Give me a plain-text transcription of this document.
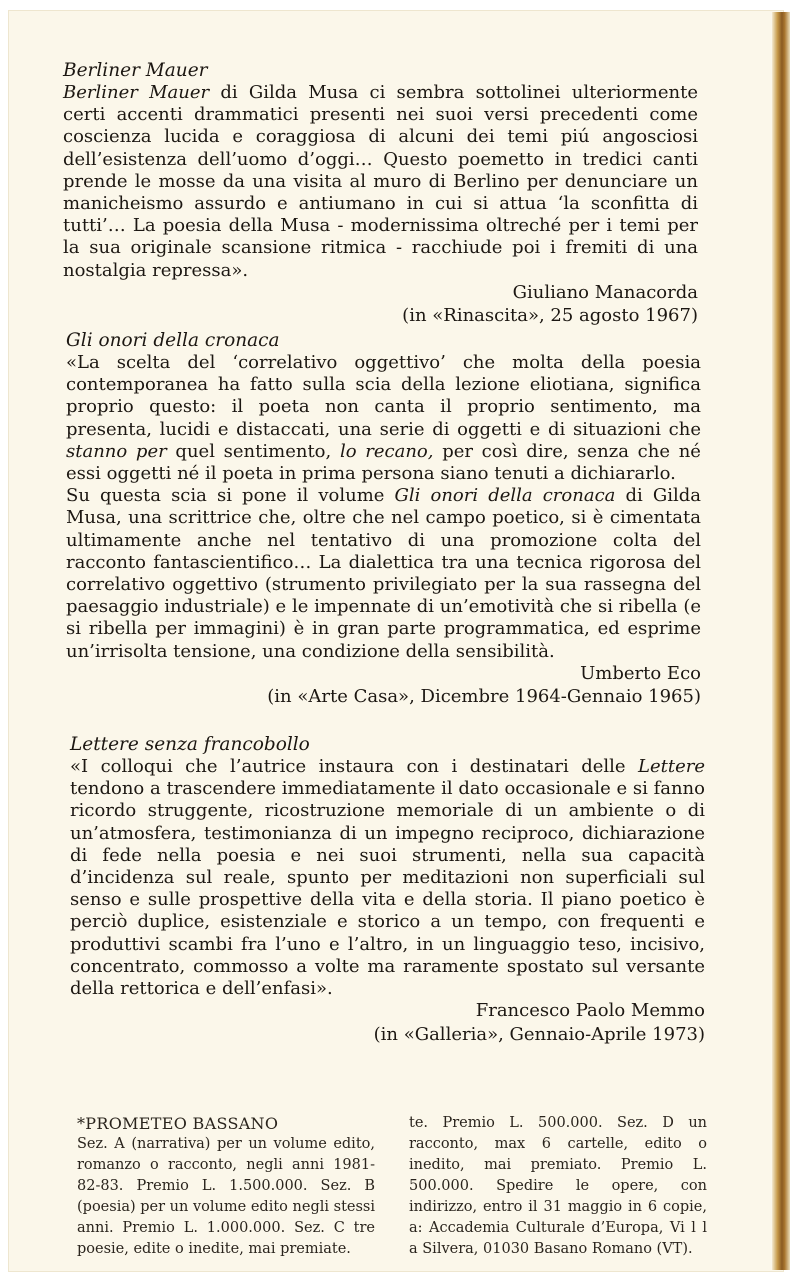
Berliner Mauer

Berliner Mauer di Gilda Musa ci sembra sottolinei ulteriormente certi accenti drammatici presenti nei suoi versi precedenti come coscienza lucida e coraggiosa di alcuni dei temi piú angosciosi dell’esistenza dell’uomo d’oggi… Questo poemetto in tredici canti prende le mosse da una visita al muro di Berlino per denunciare un manicheismo assurdo e antiumano in cui si attua ‘la sconfitta di tutti’… La poesia della Musa - modernissima oltreché per i temi per la sua originale scansione ritmica - racchiude poi i fremiti di una nostalgia repressa».

Giuliano Manacorda

(in «Rinascita», 25 agosto 1967)

Gli onori della cronaca

«La scelta del ‘correlativo oggettivo’ che molta della poesia contemporanea ha fatto sulla scia della lezione eliotiana, significa proprio questo: il poeta non canta il proprio sentimento, ma presenta, lucidi e distaccati, una serie di oggetti e di situazioni che stanno per quel sentimento, lo recano, per così dire, senza che né essi oggetti né il poeta in prima persona siano tenuti a dichiararlo.

Su questa scia si pone il volume Gli onori della cronaca di Gilda Musa, una scrittrice che, oltre che nel campo poetico, si è cimentata ultimamente anche nel tentativo di una promozione colta del racconto fantascientifico… La dialettica tra una tecnica rigorosa del correlativo oggettivo (strumento privilegiato per la sua rassegna del paesaggio industriale) e le impennate di un’emotività che si ribella (e si ribella per immagini) è in gran parte programmatica, ed esprime un’irrisolta tensione, una condizione della sensibilità.

Umberto Eco

(in «Arte Casa», Dicembre 1964-Gennaio 1965)

Lettere senza francobollo

«I colloqui che l’autrice instaura con i destinatari delle Lettere tendono a trascendere immediatamente il dato occasionale e si fanno ricordo struggente, ricostruzione memoriale di un ambiente o di un’atmosfera, testimonianza di un impegno reciproco, dichiarazione di fede nella poesia e nei suoi strumenti, nella sua capacità d’incidenza sul reale, spunto per meditazioni non superficiali sul senso e sulle prospettive della vita e della storia. Il piano poetico è perciò duplice, esistenziale e storico a un tempo, con frequenti e produttivi scambi fra l’uno e l’altro, in un linguaggio teso, incisivo, concentrato, commosso a volte ma raramente spostato sul versante della rettorica e dell’enfasi».

Francesco Paolo Memmo

(in «Galleria», Gennaio-Aprile 1973)

*PROMETEO BASSANO

Sez. A (narrativa) per un volume edito, romanzo o racconto, negli anni 1981-82-83. Premio L. 1.500.000. Sez. B (poesia) per un volume edito negli stessi anni. Premio L. 1.000.000. Sez. C tre poesie, edite o inedite, mai premiate.

te. Premio L. 500.000. Sez. D un racconto, max 6 cartelle, edito o inedito, mai premiato. Premio L. 500.000. Spedire le opere, con indirizzo, entro il 31 maggio in 6 copie, a: Accademia Culturale d’Europa, Vi l l a Silvera, 01030 Basano Romano (VT).
